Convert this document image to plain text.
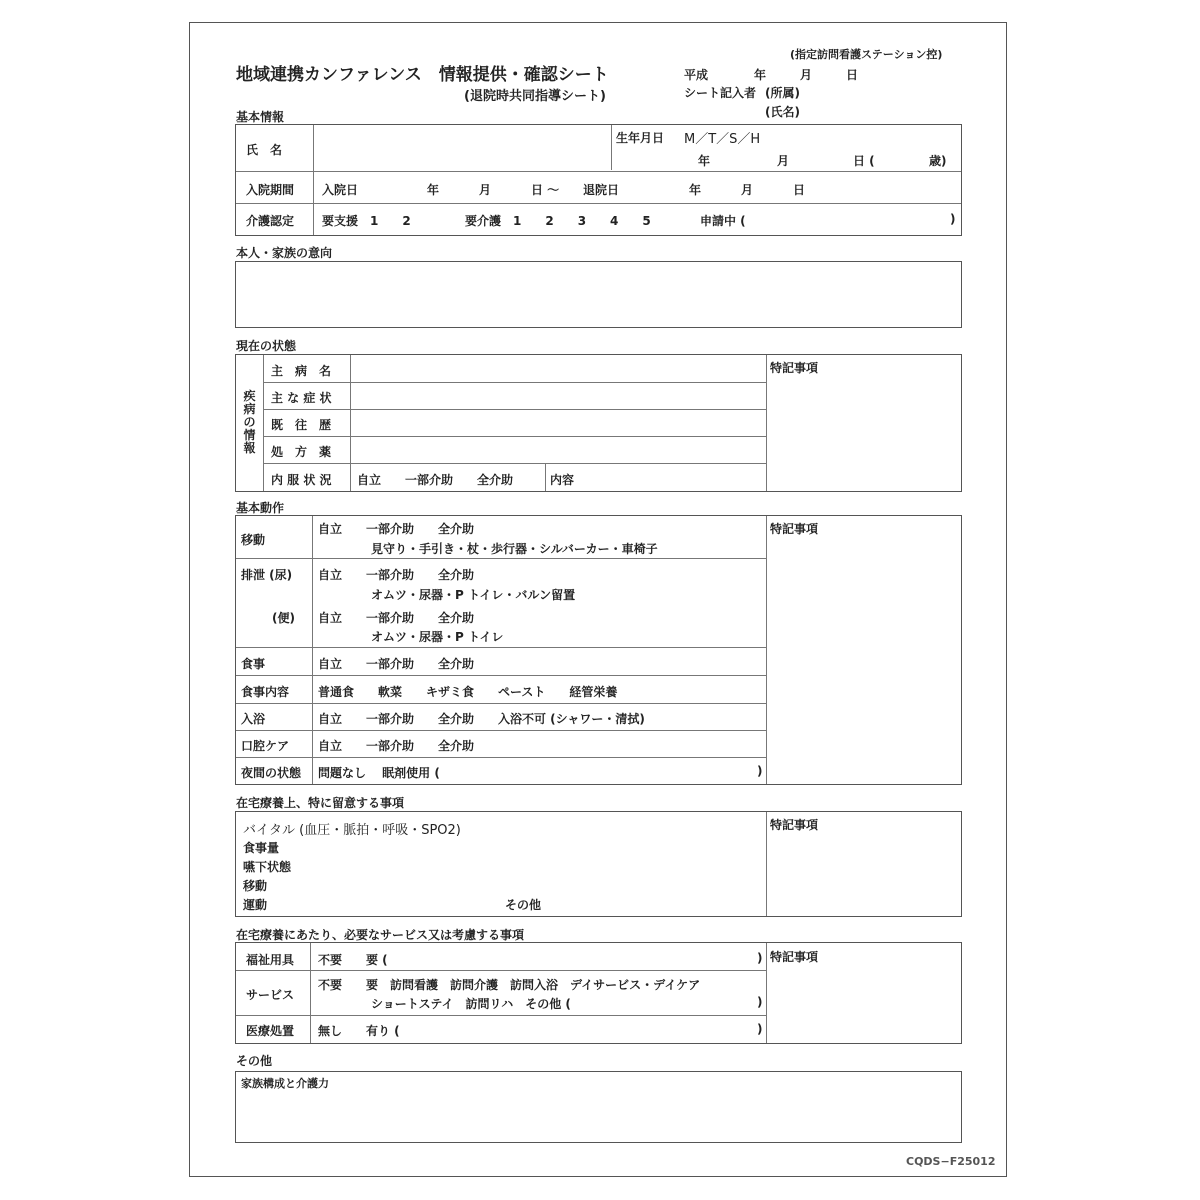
(指定訪問看護ステーション控)
地域連携カンファレンス　情報提供・確認シート
(退院時共同指導シート)
平成	年	月	日
シート記入者 (所属)
(氏名)
基本情報
氏　名
生年月日 M／T／S／H
年	月	日 (	歳)
入院期間 入院日	年	月	日 〜 退院日	年	月	日
介護認定 要支援　1　　2	要介護　1　　2　　3　　4　　5	申請中 (	)
本人・家族の意向
現在の状態
疾病の情報
主　病　名
主 な 症 状
既　往　歴
処　方　薬
内 服 状 況 自立　　一部介助　　全介助	内容
特記事項
基本動作
移動
自立　　一部介助　　全介助
見守り・手引き・杖・歩行器・シルバーカー・車椅子
排泄 (尿) 自立　　一部介助　　全介助
オムツ・尿器・P トイレ・バルン留置
(便) 自立　　一部介助　　全介助
オムツ・尿器・P トイレ
食事	自立　　一部介助　　全介助
食事内容 普通食　　軟菜　　キザミ食　　ペースト　　経管栄養
入浴	自立　　一部介助　　全介助　　入浴不可 (シャワー・清拭)
口腔ケア 自立　　一部介助　　全介助
夜間の状態 問題なし　 眠剤使用 (	)
特記事項
在宅療養上、特に留意する事項
バイタル (血圧・脈拍・呼吸・SPO2)
食事量
嚥下状態
移動
運動	その他
特記事項
在宅療養にあたり、必要なサービス又は考慮する事項
福祉用具 不要　　要 (	)
サービス
不要　　要　訪問看護　訪問介護　訪問入浴　デイサービス・デイケア
ショートステイ　訪問リハ　その他 (	)
医療処置 無し　　有り (	)
特記事項
その他
家族構成と介護力
CQDS−F25012
